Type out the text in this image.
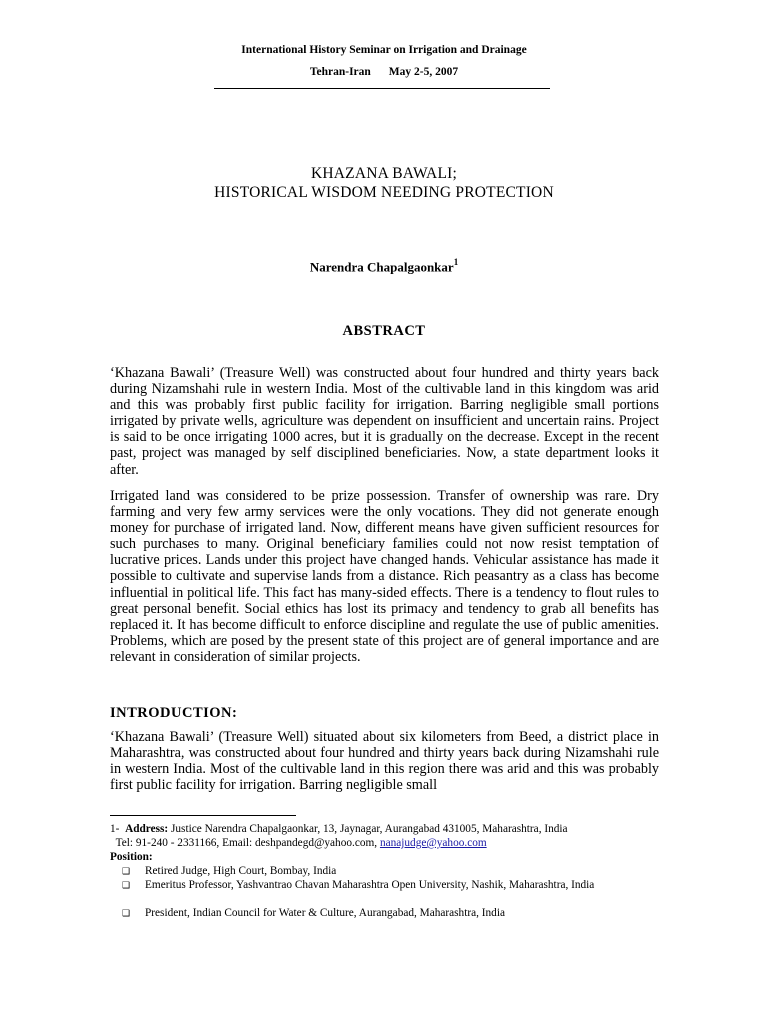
International History Seminar on Irrigation and Drainage
Tehran-Iran May 2-5, 2007
KHAZANA BAWALI;
HISTORICAL WISDOM NEEDING PROTECTION
Narendra Chapalgaonkar$^1$
ABSTRACT

‘Khazana Bawali’ (Treasure Well) was constructed about four hundred and thirty years back during Nizamshahi rule in western India. Most of the cultivable land in this kingdom was arid and this was probably first public facility for irrigation. Barring negligible small portions irrigated by private wells, agriculture was dependent on insufficient and uncertain rains. Project is said to be once irrigating 1000 acres, but it is gradually on the decrease. Except in the recent past, project was managed by self disciplined beneficiaries. Now, a state department looks it after.

Irrigated land was considered to be prize possession. Transfer of ownership was rare. Dry farming and very few army services were the only vocations. They did not generate enough money for purchase of irrigated land. Now, different means have given sufficient resources for such purchases to many. Original beneficiary families could not now resist temptation of lucrative prices. Lands under this project have changed hands. Vehicular assistance has made it possible to cultivate and supervise lands from a distance. Rich peasantry as a class has become influential in political life. This fact has many-sided effects. There is a tendency to flout rules to great personal benefit. Social ethics has lost its primacy and tendency to grab all benefits has replaced it. It has become difficult to enforce discipline and regulate the use of public amenities. Problems, which are posed by the present state of this project are of general importance and are relevant in consideration of similar projects.

INTRODUCTION:

‘Khazana Bawali’ (Treasure Well) situated about six kilometers from Beed, a district place in Maharashtra, was constructed about four hundred and thirty years back during Nizamshahi rule in western India. Most of the cultivable land in this region there was arid and this was probably first public facility for irrigation. Barring negligible small

1- Address: Justice Narendra Chapalgaonkar, 13, Jaynagar, Aurangabad 431005, Maharashtra, India
Tel: 91-240 - 2331166, Email: deshpandegd@yahoo.com, nanajudge@yahoo.com
Position:
❑	Retired Judge, High Court, Bombay, India
❑	Emeritus Professor, Yashvantrao Chavan Maharashtra Open University, Nashik, Maharashtra, India
❑	President, Indian Council for Water & Culture, Aurangabad, Maharashtra, India
